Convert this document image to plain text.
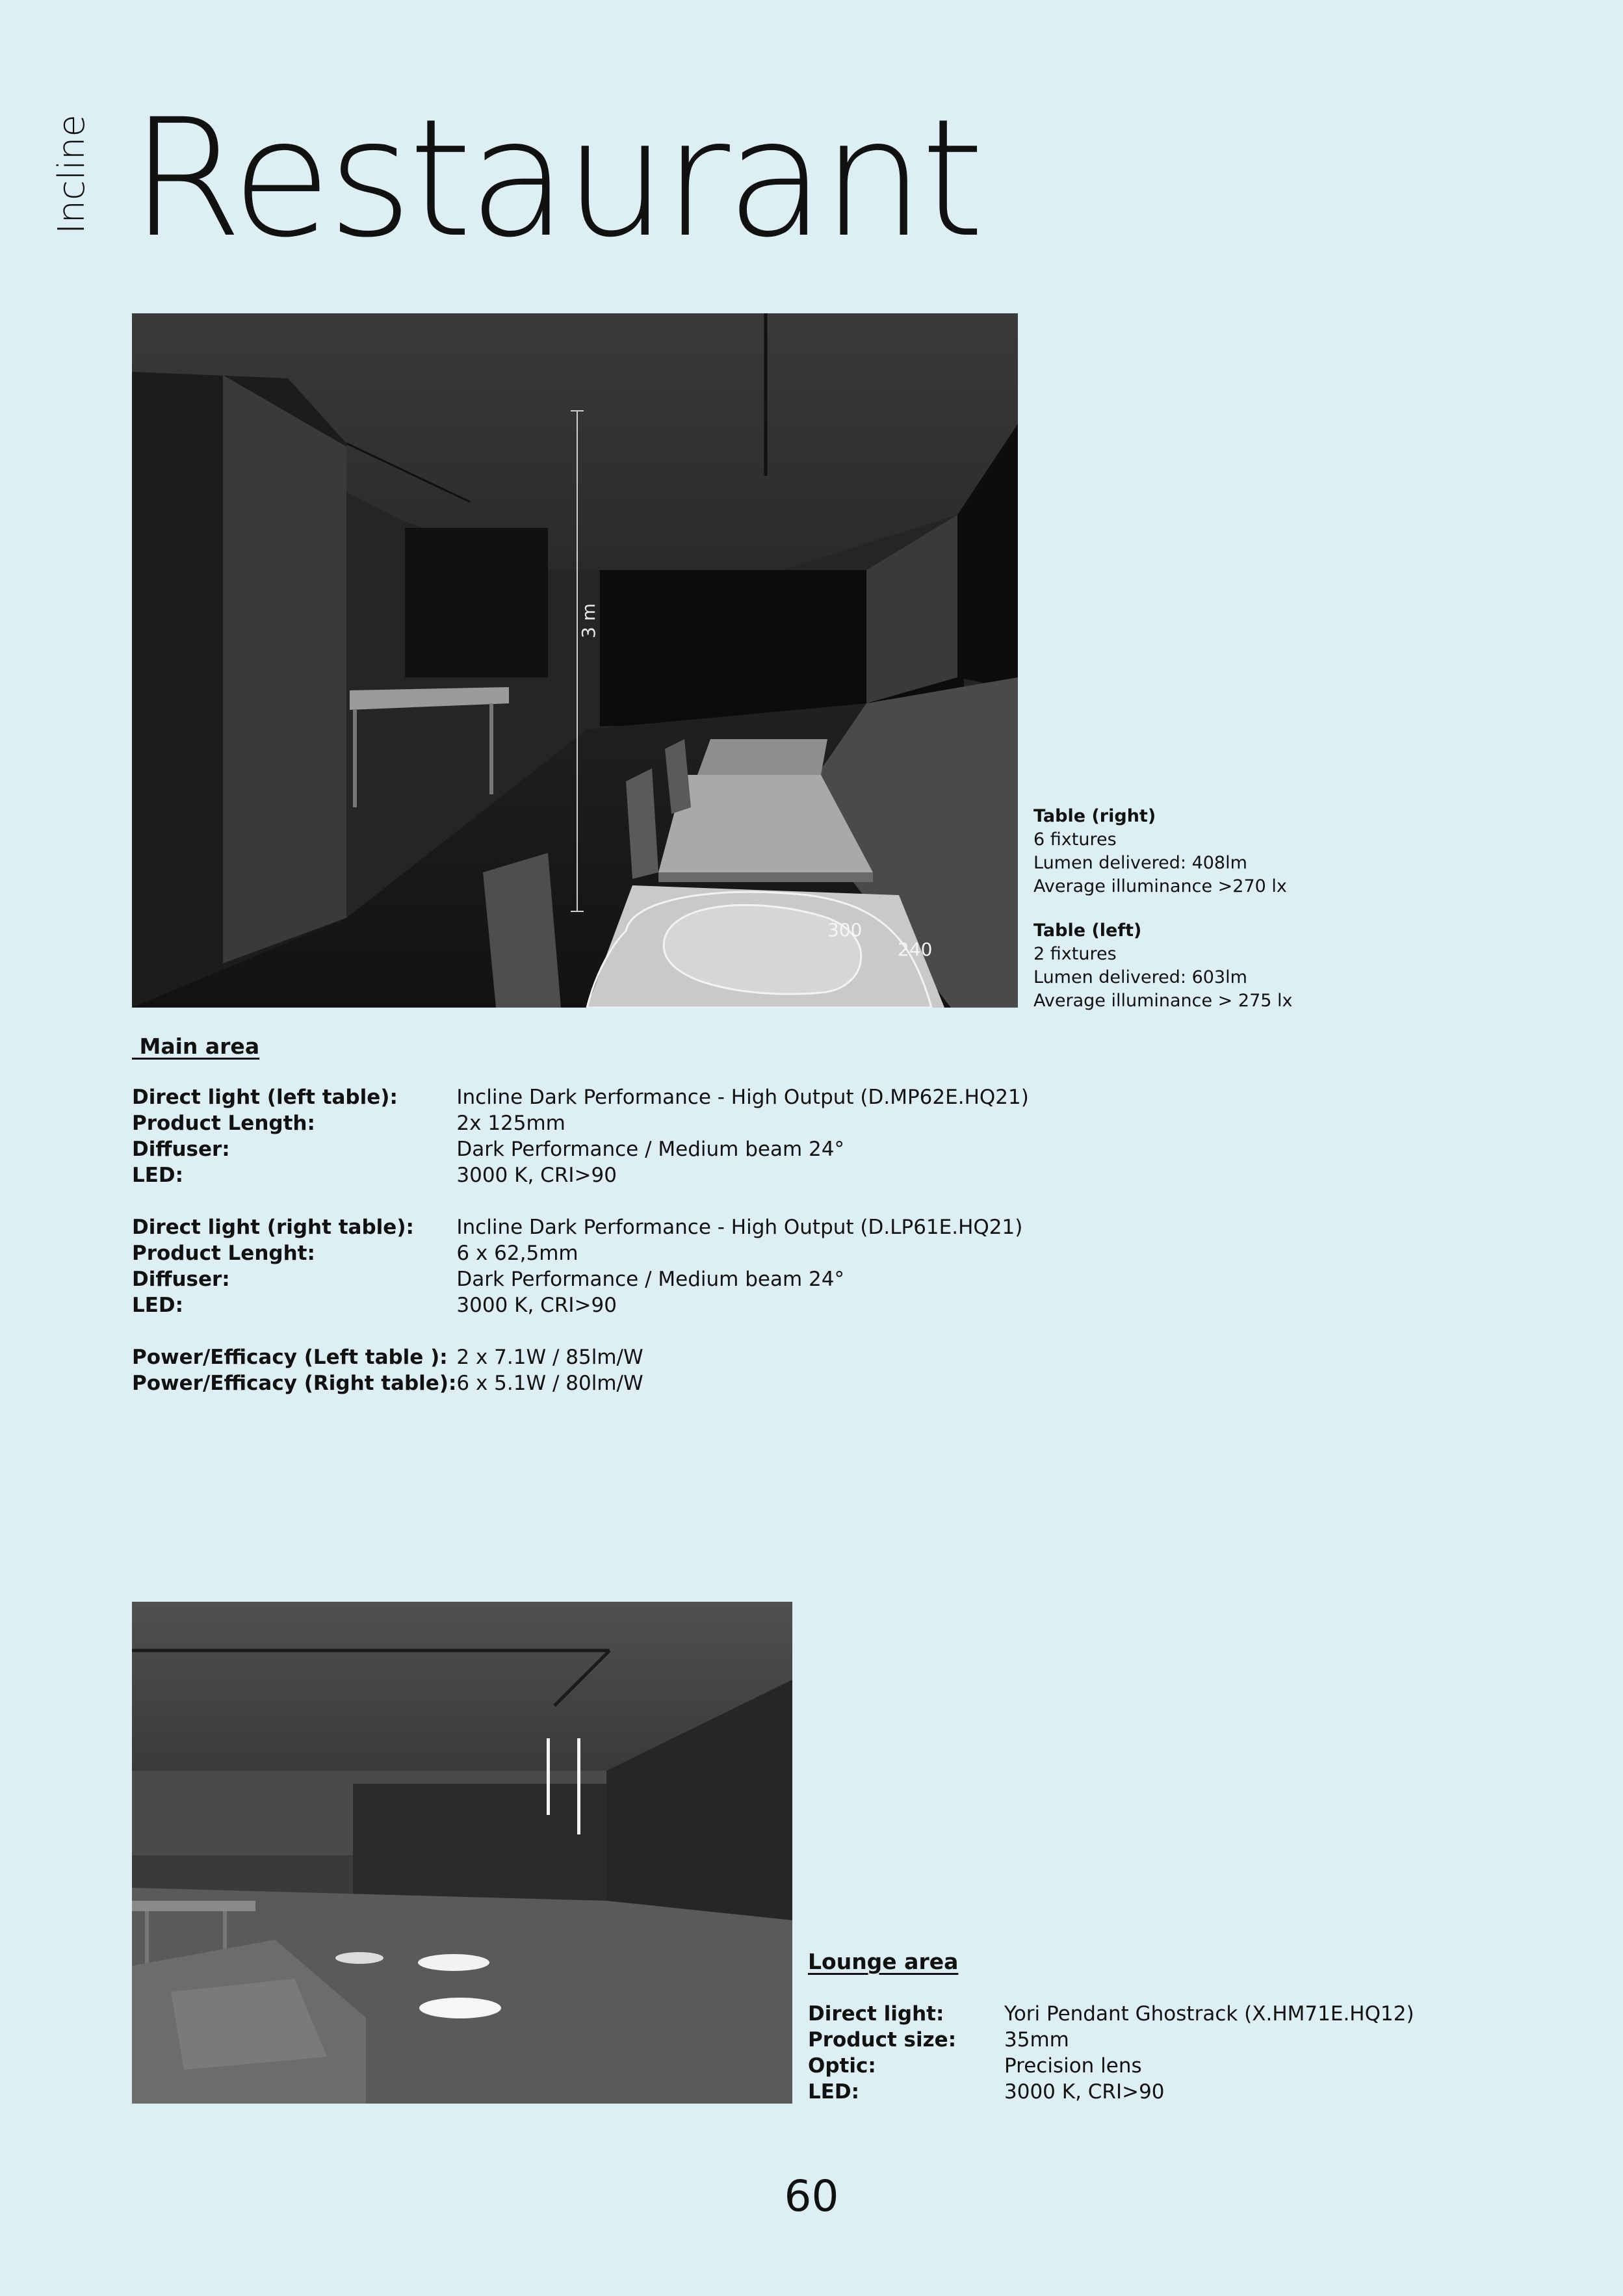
Incline Restaurant
3 m
300
240
Table (right)
6 fixtures
Lumen delivered: 408lm
Average illuminance >270 lx
Table (left)
2 fixtures
Lumen delivered: 603lm
Average illuminance > 275 lx
Main area
Direct light (left table):	Incline Dark Performance - High Output (D.MP62E.HQ21)
Product Length:	2x 125mm
Diffuser:	Dark Performance / Medium beam 24°
LED:	3000 K, CRI>90

Direct light (right table):	Incline Dark Performance - High Output (D.LP61E.HQ21)
Product Lenght:	6 x 62,5mm
Diffuser:	Dark Performance / Medium beam 24°
LED:	3000 K, CRI>90

Power/Efficacy (Left table ):	2 x 7.1W / 85lm/W
Power/Efficacy (Right table):	6 x 5.1W / 80lm/W
Lounge area
Direct light:	Yori Pendant Ghostrack (X.HM71E.HQ12)
Product size:	35mm
Optic:	Precision lens
LED:	3000 K, CRI>90
60
